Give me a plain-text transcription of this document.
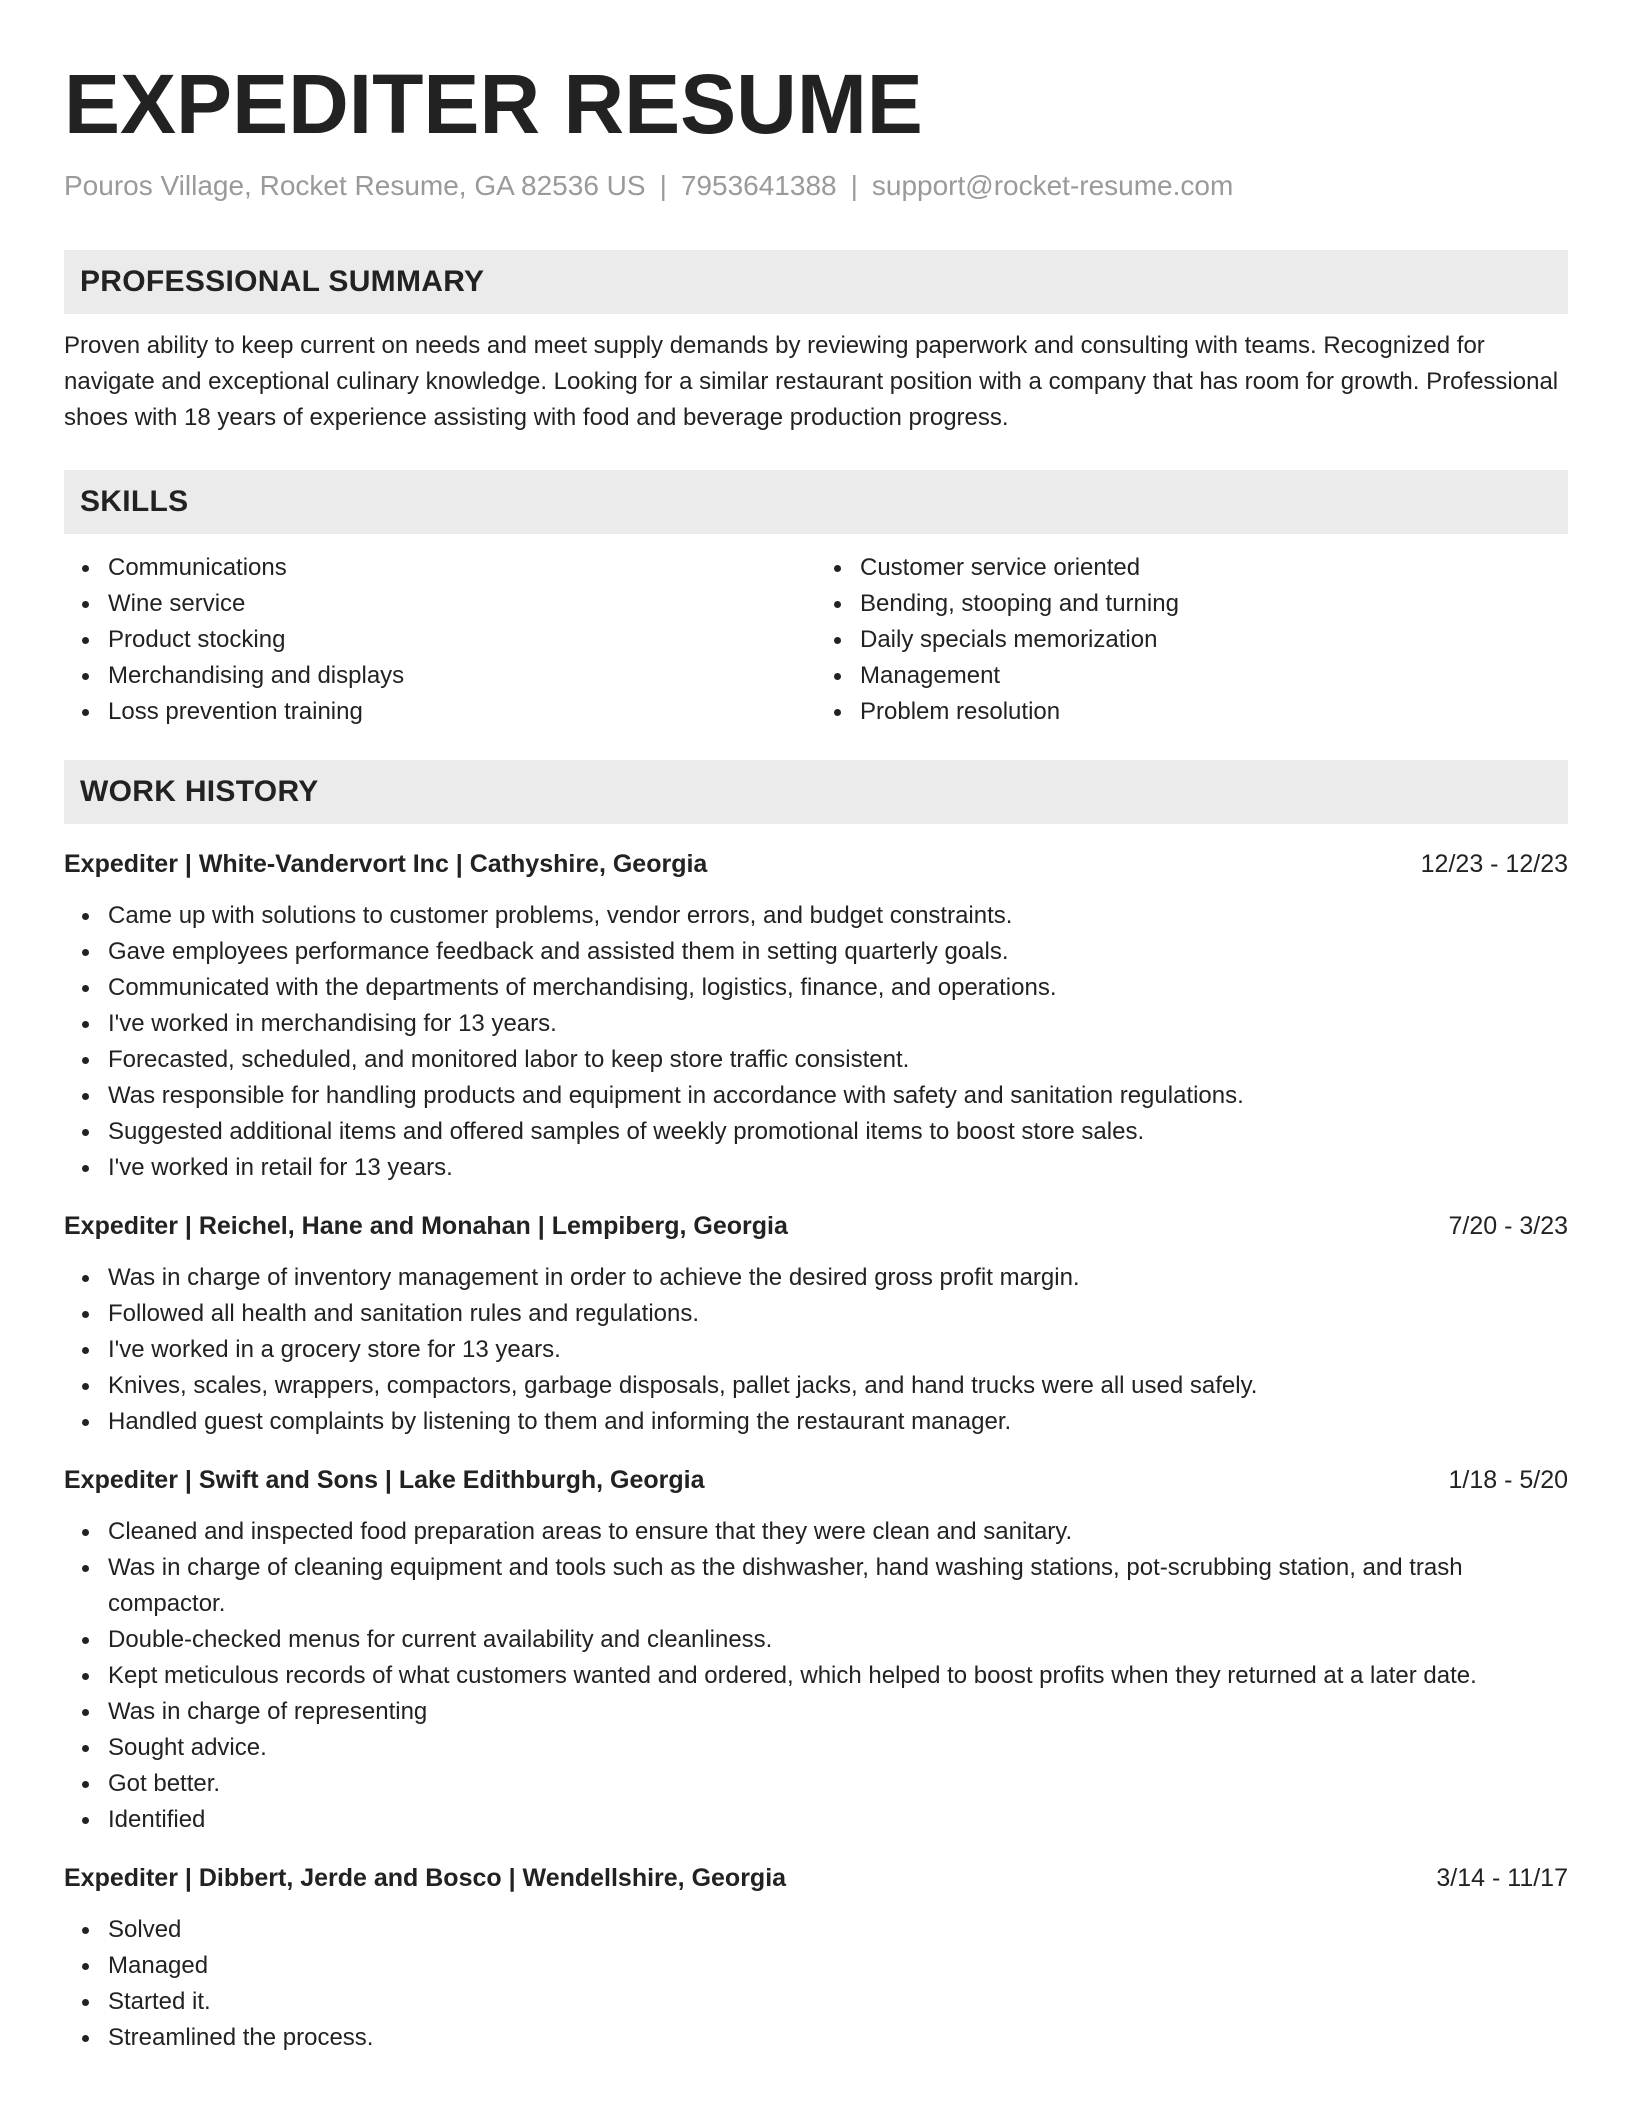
EXPEDITER RESUME
Pouros Village, Rocket Resume, GA 82536 US | 7953641388 | support@rocket-resume.com
PROFESSIONAL SUMMARY
Proven ability to keep current on needs and meet supply demands by reviewing paperwork and consulting with teams. Recognized for navigate and exceptional culinary knowledge. Looking for a similar restaurant position with a company that has room for growth. Professional shoes with 18 years of experience assisting with food and beverage production progress.
SKILLS
Communications
Wine service
Product stocking
Merchandising and displays
Loss prevention training
Customer service oriented
Bending, stooping and turning
Daily specials memorization
Management
Problem resolution
WORK HISTORY
Expediter | White-Vandervort Inc | Cathyshire, Georgia	12/23 - 12/23
Came up with solutions to customer problems, vendor errors, and budget constraints.
Gave employees performance feedback and assisted them in setting quarterly goals.
Communicated with the departments of merchandising, logistics, finance, and operations.
I've worked in merchandising for 13 years.
Forecasted, scheduled, and monitored labor to keep store traffic consistent.
Was responsible for handling products and equipment in accordance with safety and sanitation regulations.
Suggested additional items and offered samples of weekly promotional items to boost store sales.
I've worked in retail for 13 years.
Expediter | Reichel, Hane and Monahan | Lempiberg, Georgia	7/20 - 3/23
Was in charge of inventory management in order to achieve the desired gross profit margin.
Followed all health and sanitation rules and regulations.
I've worked in a grocery store for 13 years.
Knives, scales, wrappers, compactors, garbage disposals, pallet jacks, and hand trucks were all used safely.
Handled guest complaints by listening to them and informing the restaurant manager.
Expediter | Swift and Sons | Lake Edithburgh, Georgia	1/18 - 5/20
Cleaned and inspected food preparation areas to ensure that they were clean and sanitary.
Was in charge of cleaning equipment and tools such as the dishwasher, hand washing stations, pot-scrubbing station, and trash compactor.
Double-checked menus for current availability and cleanliness.
Kept meticulous records of what customers wanted and ordered, which helped to boost profits when they returned at a later date.
Was in charge of representing
Sought advice.
Got better.
Identified
Expediter | Dibbert, Jerde and Bosco | Wendellshire, Georgia	3/14 - 11/17
Solved
Managed
Started it.
Streamlined the process.
